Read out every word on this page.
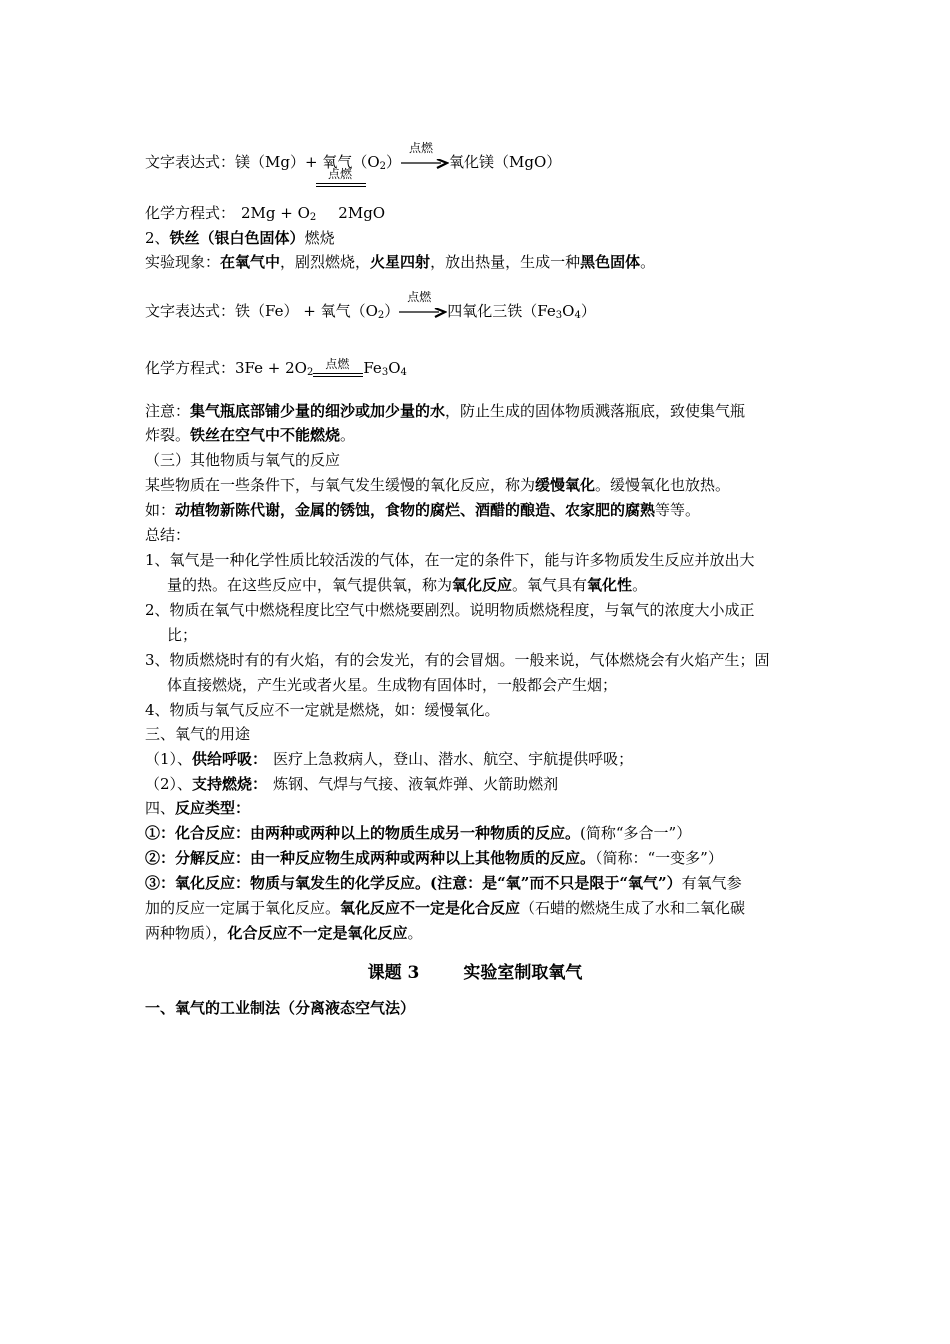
文字表达式：镁（Mg）+ 氧气$(O_2)$
点燃
氧化镁（MgO）
化学方程式： $2Mg + O_2$ 2MgO
点燃
2、铁丝（银白色固体）燃烧
实验现象：在氧气中，剧烈燃烧，火星四射，放出热量，生成一种黑色固体。
文字表达式：铁（Fe） + 氧气$(O_2)$
点燃
四氧化三铁$(Fe_3O_4)$
化学方程式：$3Fe + 2O_2$
点燃 $Fe_3O_4$
注意：集气瓶底部铺少量的细沙或加少量的水，防止生成的固体物质溅落瓶底，致使集气瓶
炸裂。铁丝在空气中不能燃烧。
（三）其他物质与氧气的反应
某些物质在一些条件下，与氧气发生缓慢的氧化反应，称为缓慢氧化。缓慢氧化也放热。
如：动植物新陈代谢，金属的锈蚀，食物的腐烂、酒醋的酿造、农家肥的腐熟等等。
总结：
1、氧气是一种化学性质比较活泼的气体，在一定的条件下，能与许多物质发生反应并放出大
量的热。在这些反应中，氧气提供氧，称为氧化反应。氧气具有氧化性。
2、物质在氧气中燃烧程度比空气中燃烧要剧烈。说明物质燃烧程度，与氧气的浓度大小成正
比；
3、物质燃烧时有的有火焰，有的会发光，有的会冒烟。一般来说，气体燃烧会有火焰产生；固
体直接燃烧，产生光或者火星。生成物有固体时，一般都会产生烟；
4、物质与氧气反应不一定就是燃烧，如：缓慢氧化。
三、氧气的用途
（1）、供给呼吸： 医疗上急救病人，登山、潜水、航空、宇航提供呼吸；
（2）、支持燃烧： 炼钢、气焊与气接、液氧炸弹、火箭助燃剂
四、反应类型：
①：化合反应：由两种或两种以上的物质生成另一种物质的反应。(简称“多合一”）
②：分解反应：由一种反应物生成两种或两种以上其他物质的反应。（简称：“一变多”）
③：氧化反应：物质与氧发生的化学反应。(注意：是“氧”而不只是限于“氧气”）有氧气参
加的反应一定属于氧化反应。氧化反应不一定是化合反应（石蜡的燃烧生成了水和二氧化碳
两种物质），化合反应不一定是氧化反应。
课题 3	实验室制取氧气
一、氧气的工业制法（分离液态空气法）
